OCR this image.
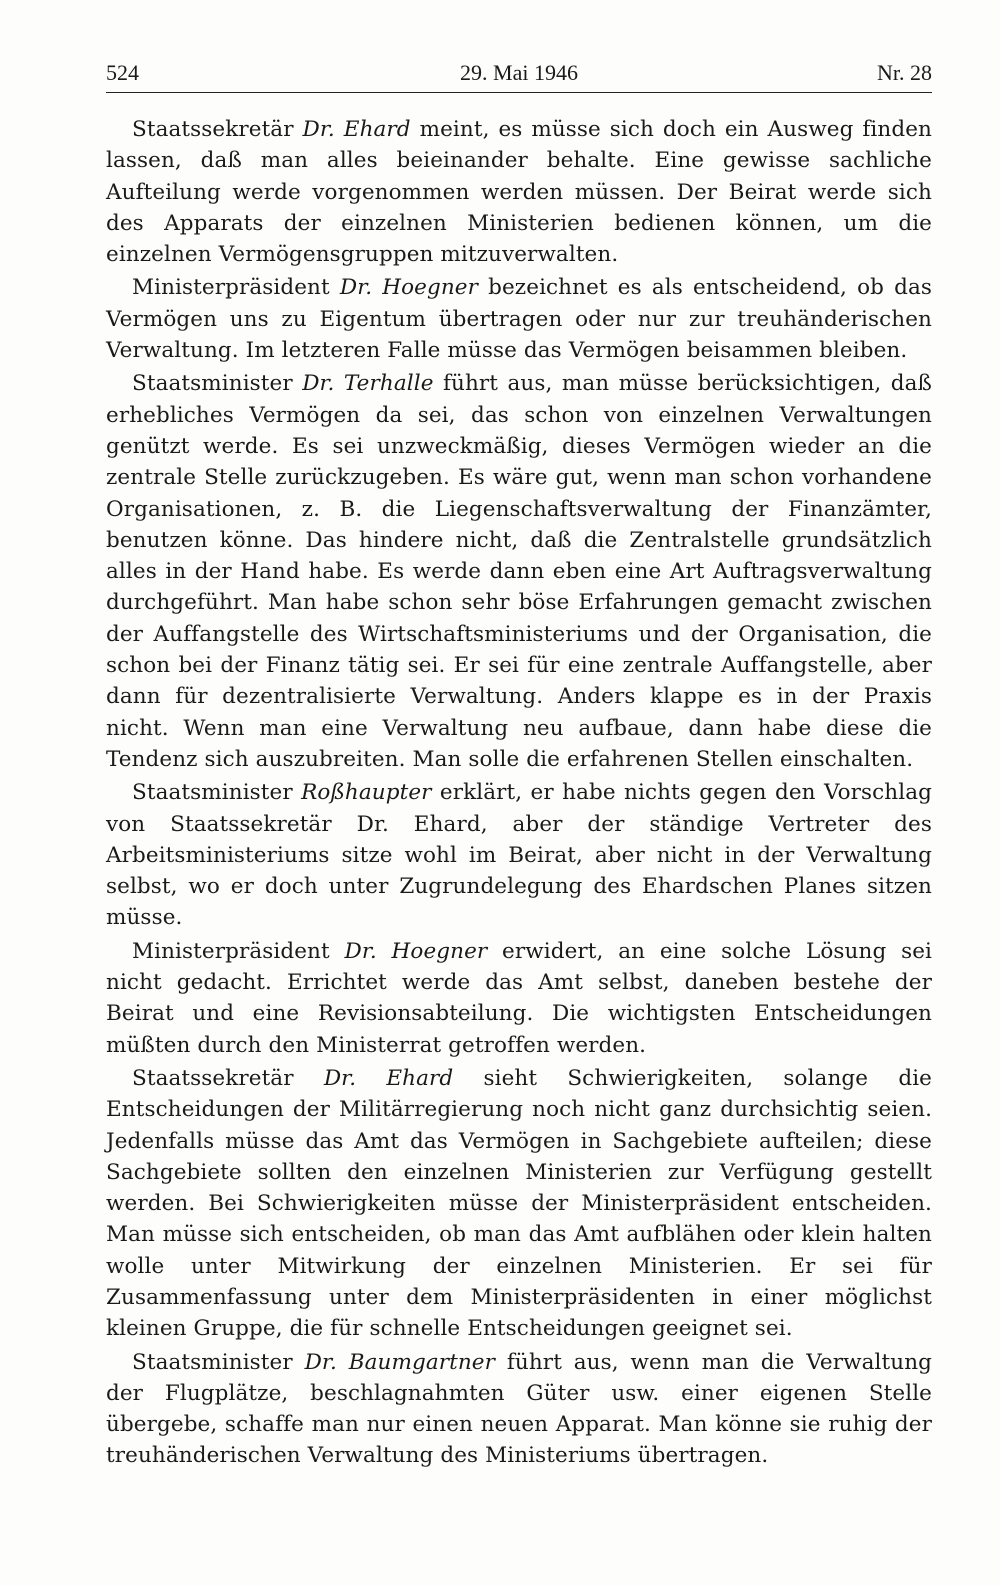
524	29. Mai 1946	Nr. 28

Staatssekretär Dr. Ehard meint, es müsse sich doch ein Ausweg finden lassen, daß man alles beieinander behalte. Eine gewisse sachliche Aufteilung werde vorgenommen werden müssen. Der Beirat werde sich des Apparats der einzelnen Ministerien bedienen können, um die einzelnen Vermögensgruppen mitzuverwalten.

Ministerpräsident Dr. Hoegner bezeichnet es als entscheidend, ob das Vermögen uns zu Eigentum übertragen oder nur zur treuhänderischen Verwaltung. Im letzteren Falle müsse das Vermögen beisammen bleiben.

Staatsminister Dr. Terhalle führt aus, man müsse berücksichtigen, daß erhebliches Vermögen da sei, das schon von einzelnen Verwaltungen genützt werde. Es sei unzweckmäßig, dieses Vermögen wieder an die zentrale Stelle zurückzugeben. Es wäre gut, wenn man schon vorhandene Organisationen, z. B. die Liegenschaftsverwaltung der Finanzämter, benutzen könne. Das hindere nicht, daß die Zentralstelle grundsätzlich alles in der Hand habe. Es werde dann eben eine Art Auftragsverwaltung durchgeführt. Man habe schon sehr böse Erfahrungen gemacht zwischen der Auffangstelle des Wirtschaftsministeriums und der Organisation, die schon bei der Finanz tätig sei. Er sei für eine zentrale Auffangstelle, aber dann für dezentralisierte Verwaltung. Anders klappe es in der Praxis nicht. Wenn man eine Verwaltung neu aufbaue, dann habe diese die Tendenz sich auszubreiten. Man solle die erfahrenen Stellen einschalten.

Staatsminister Roßhaupter erklärt, er habe nichts gegen den Vorschlag von Staatssekretär Dr. Ehard, aber der ständige Vertreter des Arbeitsministeriums sitze wohl im Beirat, aber nicht in der Verwaltung selbst, wo er doch unter Zugrundelegung des Ehardschen Planes sitzen müsse.

Ministerpräsident Dr. Hoegner erwidert, an eine solche Lösung sei nicht gedacht. Errichtet werde das Amt selbst, daneben bestehe der Beirat und eine Revisionsabteilung. Die wichtigsten Entscheidungen müßten durch den Ministerrat getroffen werden.

Staatssekretär Dr. Ehard sieht Schwierigkeiten, solange die Entscheidungen der Militärregierung noch nicht ganz durchsichtig seien. Jedenfalls müsse das Amt das Vermögen in Sachgebiete aufteilen; diese Sachgebiete sollten den einzelnen Ministerien zur Verfügung gestellt werden. Bei Schwierigkeiten müsse der Ministerpräsident entscheiden. Man müsse sich entscheiden, ob man das Amt aufblähen oder klein halten wolle unter Mitwirkung der einzelnen Ministerien. Er sei für Zusammenfassung unter dem Ministerpräsidenten in einer möglichst kleinen Gruppe, die für schnelle Entscheidungen geeignet sei.

Staatsminister Dr. Baumgartner führt aus, wenn man die Verwaltung der Flugplätze, beschlagnahmten Güter usw. einer eigenen Stelle übergebe, schaffe man nur einen neuen Apparat. Man könne sie ruhig der treuhänderischen Verwaltung des Ministeriums übertragen.
